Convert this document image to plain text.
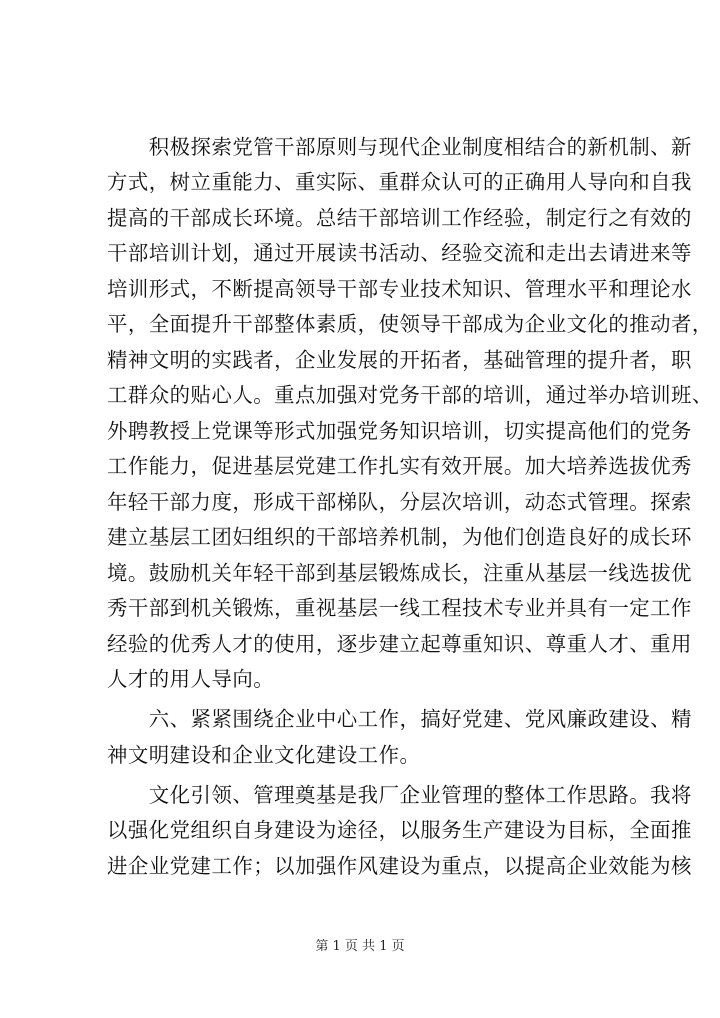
　　积极探索党管干部原则与现代企业制度相结合的新机制、新
方式，树立重能力、重实际、重群众认可的正确用人导向和自我
提高的干部成长环境。总结干部培训工作经验，制定行之有效的
干部培训计划，通过开展读书活动、经验交流和走出去请进来等
培训形式，不断提高领导干部专业技术知识、管理水平和理论水
平，全面提升干部整体素质，使领导干部成为企业文化的推动者，
精神文明的实践者，企业发展的开拓者，基础管理的提升者，职
工群众的贴心人。重点加强对党务干部的培训，通过举办培训班、
外聘教授上党课等形式加强党务知识培训，切实提高他们的党务
工作能力，促进基层党建工作扎实有效开展。加大培养选拔优秀
年轻干部力度，形成干部梯队，分层次培训，动态式管理。探索
建立基层工团妇组织的干部培养机制，为他们创造良好的成长环
境。鼓励机关年轻干部到基层锻炼成长，注重从基层一线选拔优
秀干部到机关锻炼，重视基层一线工程技术专业并具有一定工作
经验的优秀人才的使用，逐步建立起尊重知识、尊重人才、重用
人才的用人导向。
　　六、紧紧围绕企业中心工作，搞好党建、党风廉政建设、精
神文明建设和企业文化建设工作。
　　文化引领、管理奠基是我厂企业管理的整体工作思路。我将
以强化党组织自身建设为途径，以服务生产建设为目标，全面推
进企业党建工作；以加强作风建设为重点，以提高企业效能为核
第 1 页 共 1 页
